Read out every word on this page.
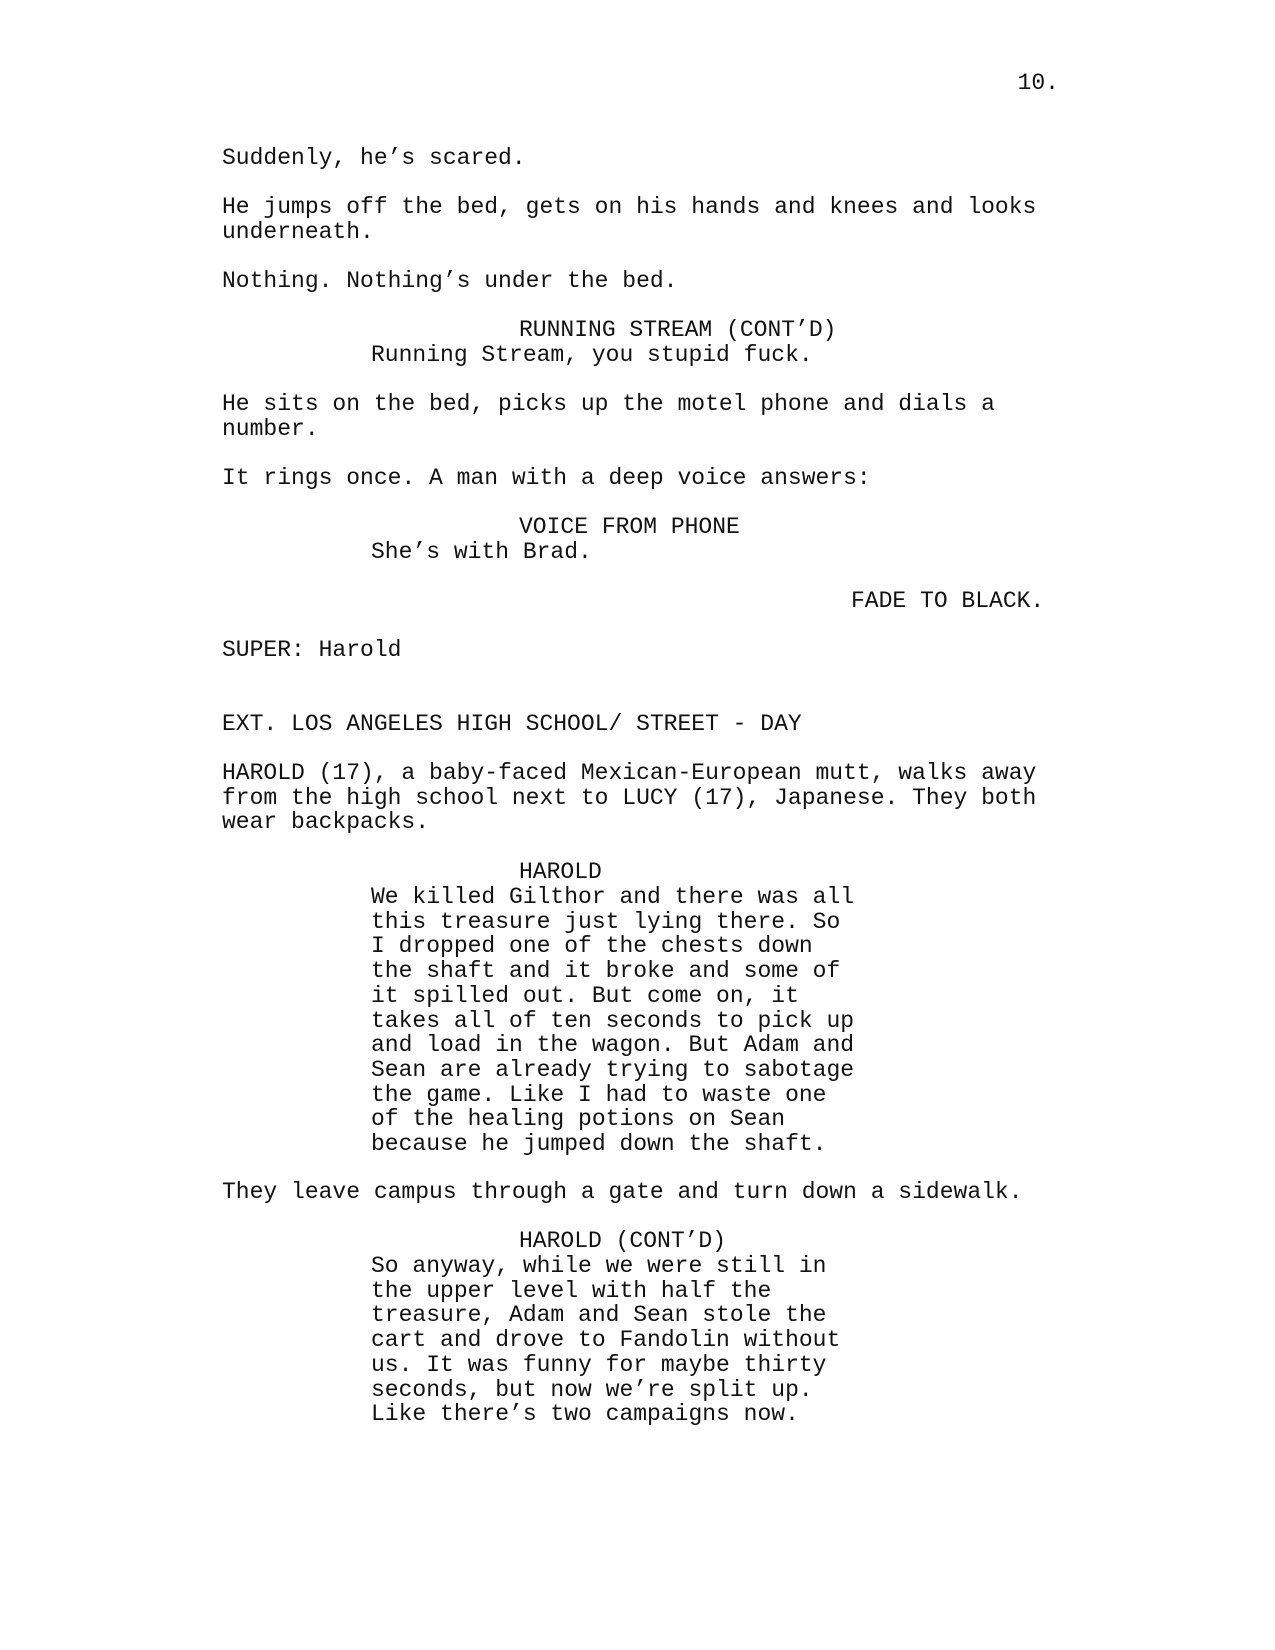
10.
Suddenly, he’s scared.
He jumps off the bed, gets on his hands and knees and looks
underneath.
Nothing. Nothing’s under the bed.
RUNNING STREAM (CONT’D)
Running Stream, you stupid fuck.
He sits on the bed, picks up the motel phone and dials a
number.
It rings once. A man with a deep voice answers:
VOICE FROM PHONE
She’s with Brad.
FADE TO BLACK.
SUPER: Harold
EXT. LOS ANGELES HIGH SCHOOL/ STREET - DAY
HAROLD (17), a baby-faced Mexican-European mutt, walks away
from the high school next to LUCY (17), Japanese. They both
wear backpacks.
HAROLD
We killed Gilthor and there was all
this treasure just lying there. So
I dropped one of the chests down
the shaft and it broke and some of
it spilled out. But come on, it
takes all of ten seconds to pick up
and load in the wagon. But Adam and
Sean are already trying to sabotage
the game. Like I had to waste one
of the healing potions on Sean
because he jumped down the shaft.
They leave campus through a gate and turn down a sidewalk.
HAROLD (CONT’D)
So anyway, while we were still in
the upper level with half the
treasure, Adam and Sean stole the
cart and drove to Fandolin without
us. It was funny for maybe thirty
seconds, but now we’re split up.
Like there’s two campaigns now.
